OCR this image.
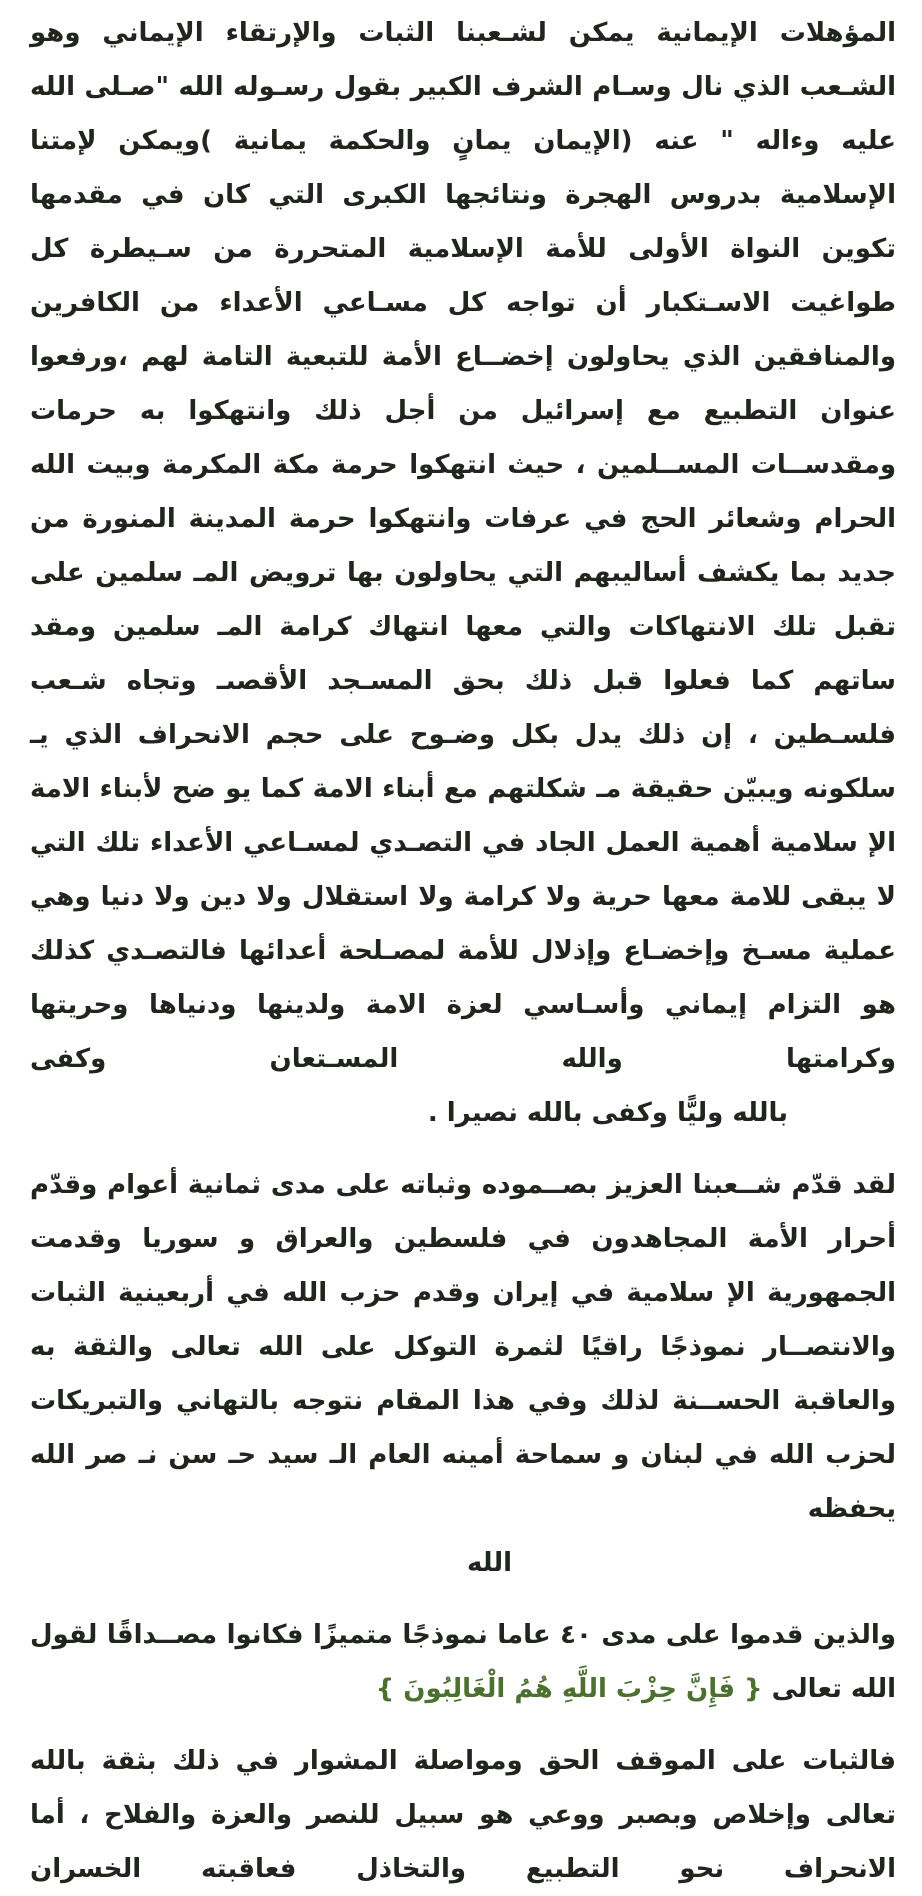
المؤهلات الإيمانية يمكن لشـعبنا الثبات والإرتقاء الإيماني وهو الشـعب الذي نال وسـام الشرف الكبير بقول رسـوله الله "صـلى الله عليه وءاله " عنه (الإيمان يمانٍ والحكمة يمانية )ويمكن لإمتنا الإسلامية بدروس الهجرة ونتائجها الكبرى التي كان في مقدمها تكوين النواة الأولى للأمة الإسلامية المتحررة من سـيطرة كل طواغيت الاسـتكبار أن تواجه كل مسـاعي الأعداء من الكافرين والمنافقين الذي يحاولون إخضــاع الأمة للتبعية التامة لهم ،ورفعوا عنوان التطبيع مع إسرائيل من أجل ذلك وانتهكوا به حرمات ومقدســات المســلمين ، حيث انتهكوا حرمة مكة المكرمة وبيت الله الحرام وشعائر الحج في عرفات وانتهكوا حرمة المدينة المنورة من جديد بما يكشف أساليبهم التي يحاولون بها ترويض المـ سلمين على تقبل تلك الانتهاكات والتي معها انتهاك كرامة المـ سلمين ومقد ساتهم كما فعلوا قبل ذلك بحق المسـجد الأقصىـ وتجاه شـعب فلسـطين ، إن ذلك يدل بكل وضـوح على حجم الانحراف الذي يـ سلكونه ويبيّن حقيقة مـ شكلتهم مع أبناء الامة كما يو ضح لأبناء الامة الإ سلامية أهمية العمل الجاد في التصـدي لمسـاعي الأعداء تلك التي لا يبقى للامة معها حرية ولا كرامة ولا استقلال ولا دين ولا دنيا وهي عملية مسـخ وإخضـاع وإذلال للأمة لمصـلحة أعدائها فالتصـدي كذلك هو التزام إيماني وأسـاسي لعزة الامة ولدينها ودنياها وحريتها وكرامتها والله المسـتعان وكفى

بالله وليًّا وكفى بالله نصيرا .

لقد قدّم شــعبنا العزيز بصــموده وثباته على مدى ثمانية أعوام وقدّم أحرار الأمة المجاهدون في فلسطين والعراق و سوريا وقدمت الجمهورية الإ سلامية في إيران وقدم حزب الله في أربعينية الثبات والانتصــار نموذجًا راقيًا لثمرة التوكل على الله تعالى والثقة به والعاقبة الحســنة لذلك وفي هذا المقام نتوجه بالتهاني والتبريكات لحزب الله في لبنان و سماحة أمينه العام الـ سيد حـ سن نـ صر الله يحفظه

الله

والذين قدموا على مدى ٤٠ عاما نموذجًا متميزًا فكانوا مصــداقًا لقول الله تعالى { فَإِنَّ حِزْبَ اللَّهِ هُمُ الْغَالِبُونَ }

فالثبات على الموقف الحق ومواصلة المشوار في ذلك بثقة بالله تعالى وإخلاص وبصبر ووعي هو سبيل للنصر والعزة والفلاح ، أما الانحراف نحو التطبيع والتخاذل فعاقبته الخسران
